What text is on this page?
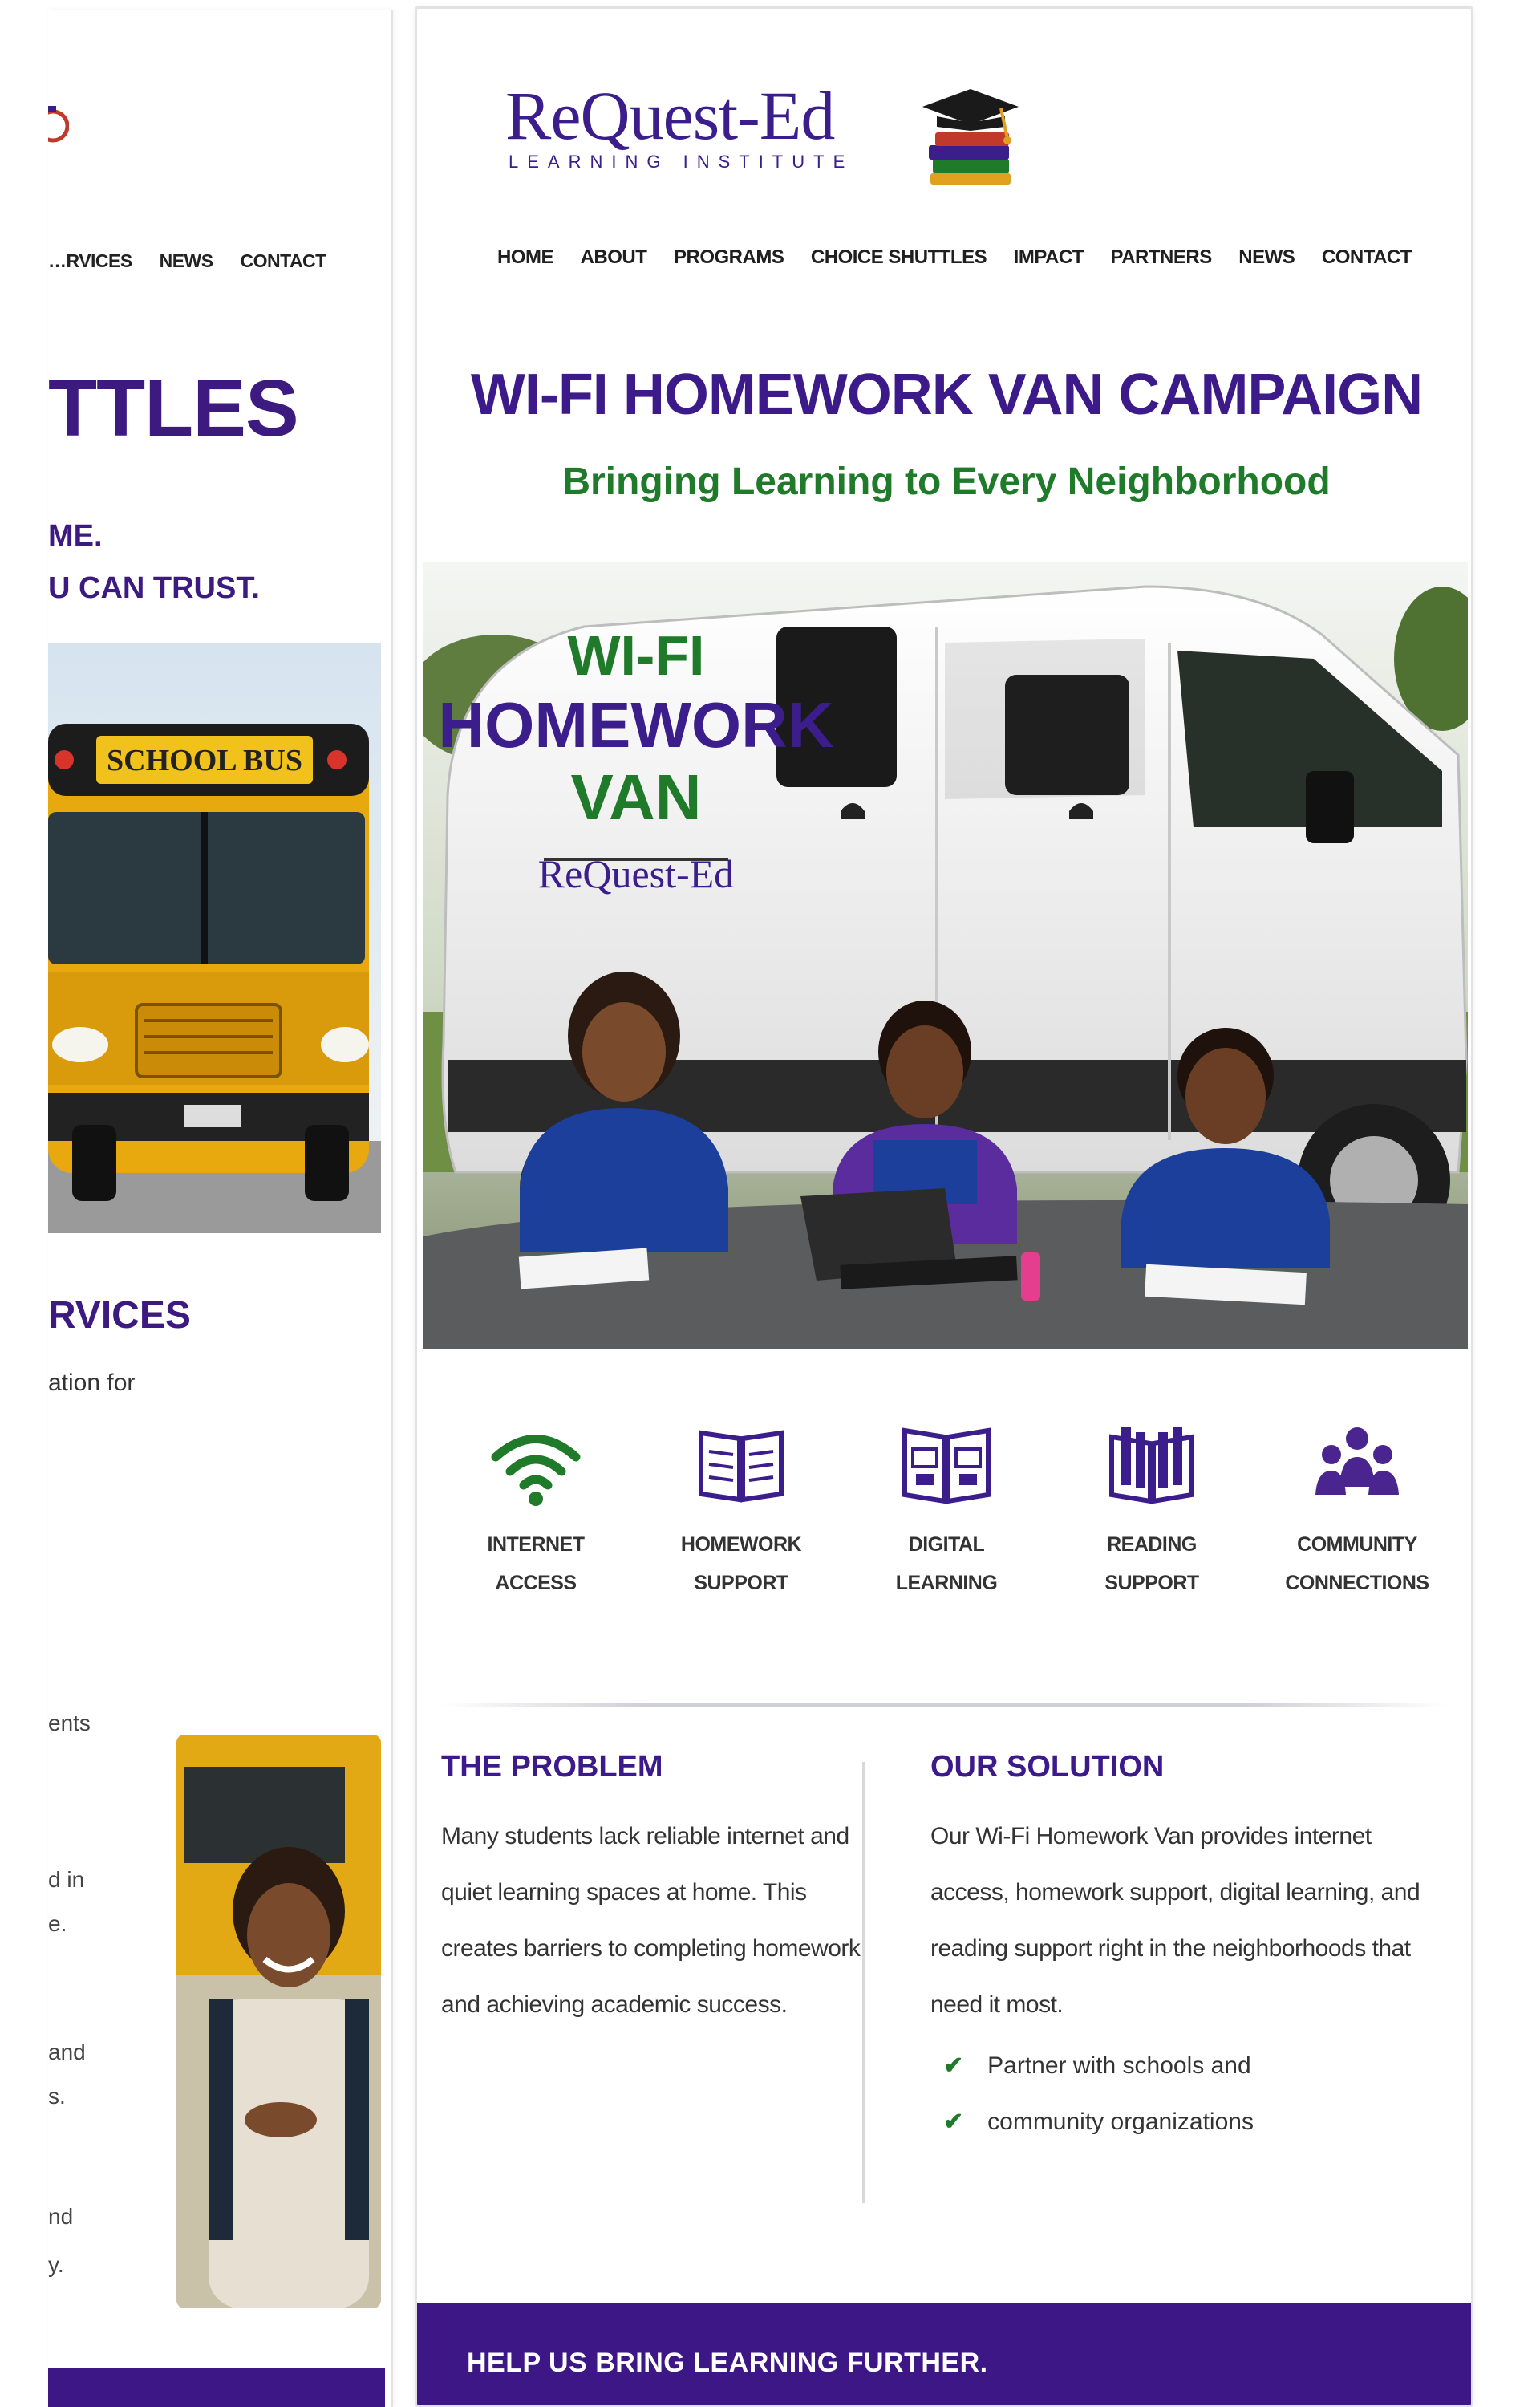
…RVICES NEWS CONTACT
TTLES
ME.
U CAN TRUST.
SCHOOL BUS
RVICES
ation for
ents
d in
e.
and
s.
nd
y.
ReQuest-Ed
LEARNING INSTITUTE
HOME ABOUT PROGRAMS CHOICE SHUTTLES IMPACT PARTNERS NEWS CONTACT
WI-FI HOMEWORK VAN CAMPAIGN
Bringing Learning to Every Neighborhood
WI-FI
HOMEWORK
VAN
ReQuest-Ed
INTERNET ACCESS
HOMEWORK
SUPPORT
DIGITAL
LEARNING
READING
SUPPORT
COMMUNITY
CONNECTIONS
THE PROBLEM

Many students lack reliable internet and quiet learning spaces at home. This creates barriers to completing homework and achieving academic success.

OUR SOLUTION

Our Wi-Fi Homework Van provides internet access, homework support, digital learning, and reading support right in the neighborhoods that need it most.

✔ Partner with schools and
✔ community organizations
HELP US BRING LEARNING FURTHER.
